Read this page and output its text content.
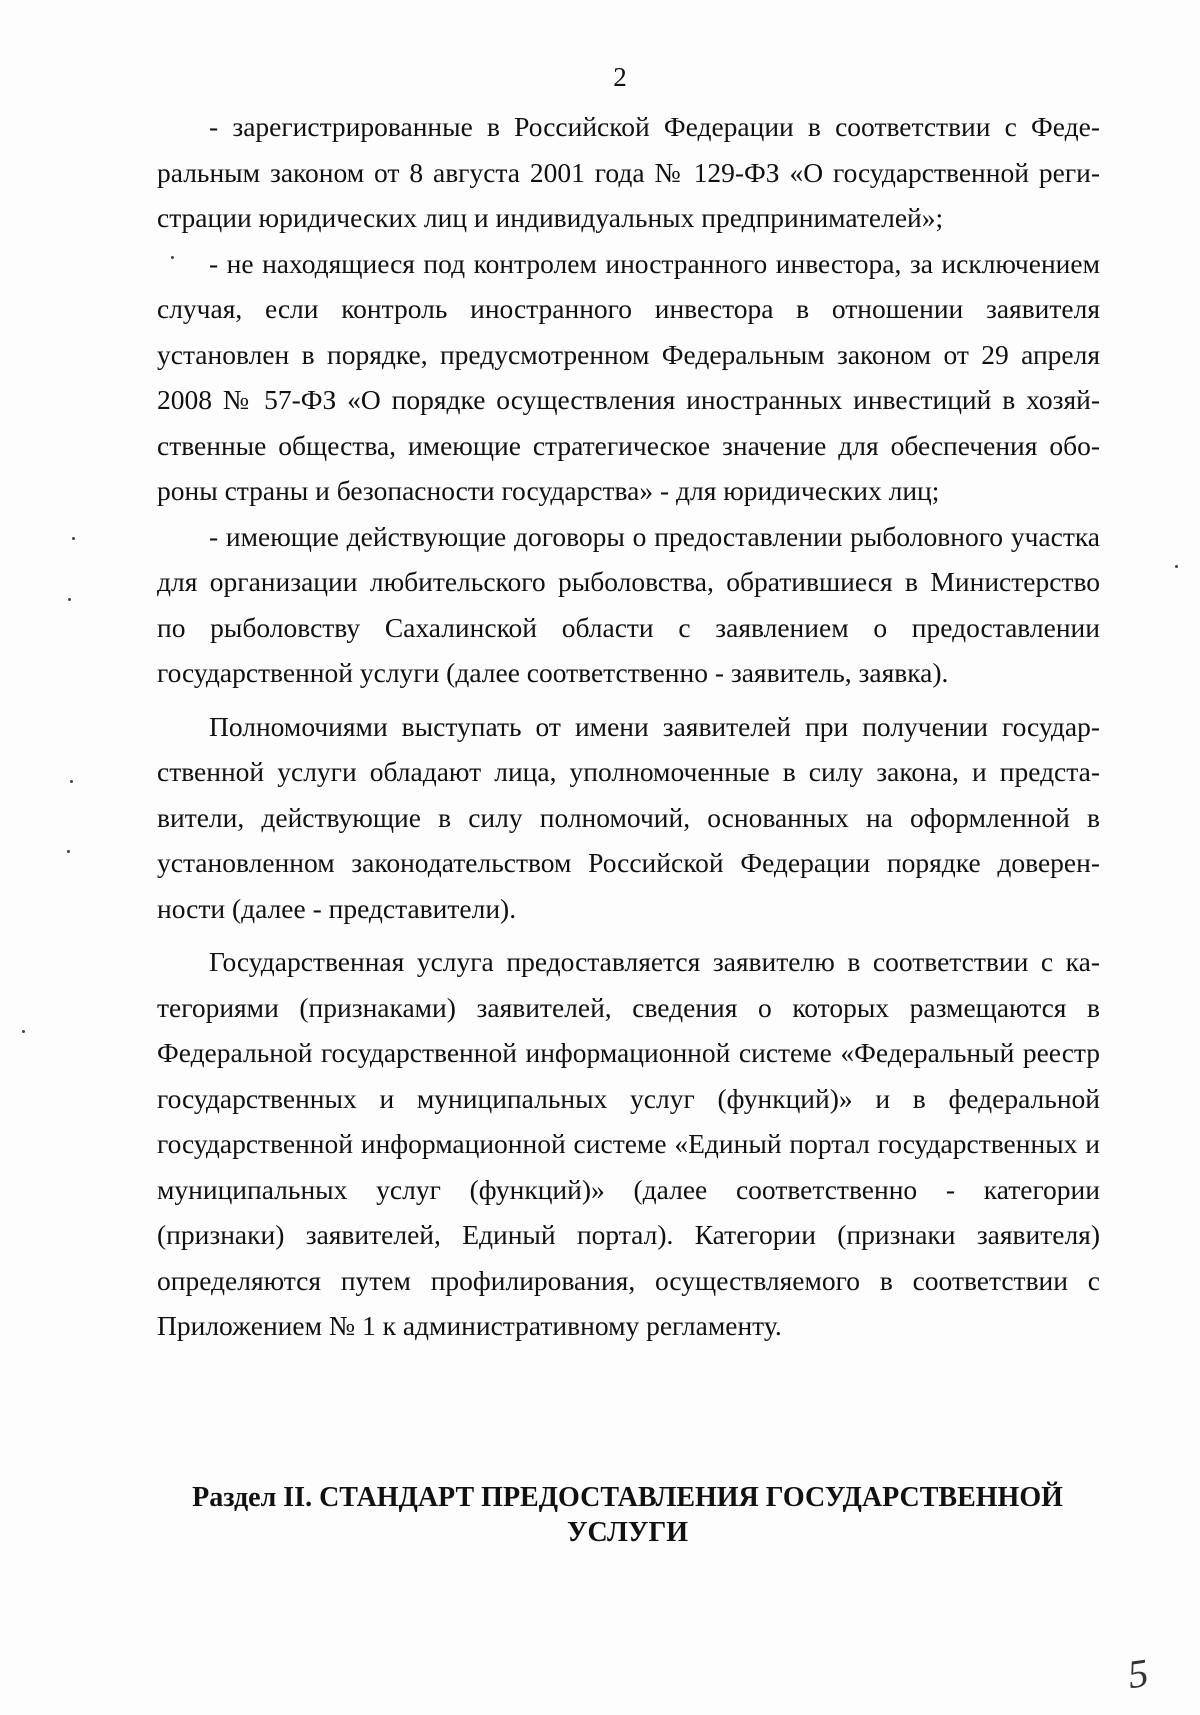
2

- зарегистрированные в Российской Федерации в соответствии с Федеральным законом от 8 августа 2001 года № 129-ФЗ «О государственной регистрации юридических лиц и индивидуальных предпринимателей»;

- не находящиеся под контролем иностранного инвестора, за исключением случая, если контроль иностранного инвестора в отношении заявителя установлен в порядке, предусмотренном Федеральным законом от 29 апреля 2008 № 57-ФЗ «О порядке осуществления иностранных инвестиций в хозяйственные общества, имеющие стратегическое значение для обеспечения обороны страны и безопасности государства» - для юридических лиц;

- имеющие действующие договоры о предоставлении рыболовного участка для организации любительского рыболовства, обратившиеся в Министерство по рыболовству Сахалинской области с заявлением о предоставлении государственной услуги (далее соответственно - заявитель, заявка).

Полномочиями выступать от имени заявителей при получении государственной услуги обладают лица, уполномоченные в силу закона, и представители, действующие в силу полномочий, основанных на оформленной в установленном законодательством Российской Федерации порядке доверенности (далее - представители).

Государственная услуга предоставляется заявителю в соответствии с категориями (признаками) заявителей, сведения о которых размещаются в Федеральной государственной информационной системе «Федеральный реестр государственных и муниципальных услуг (функций)» и в федеральной государственной информационной системе «Единый портал государственных и муниципальных услуг (функций)» (далее соответственно - категории (признаки) заявителей, Единый портал). Категории (признаки заявителя) определяются путем профилирования, осуществляемого в соответствии с Приложением № 1 к административному регламенту.

Раздел II. СТАНДАРТ ПРЕДОСТАВЛЕНИЯ ГОСУДАРСТВЕННОЙ
УСЛУГИ
5
